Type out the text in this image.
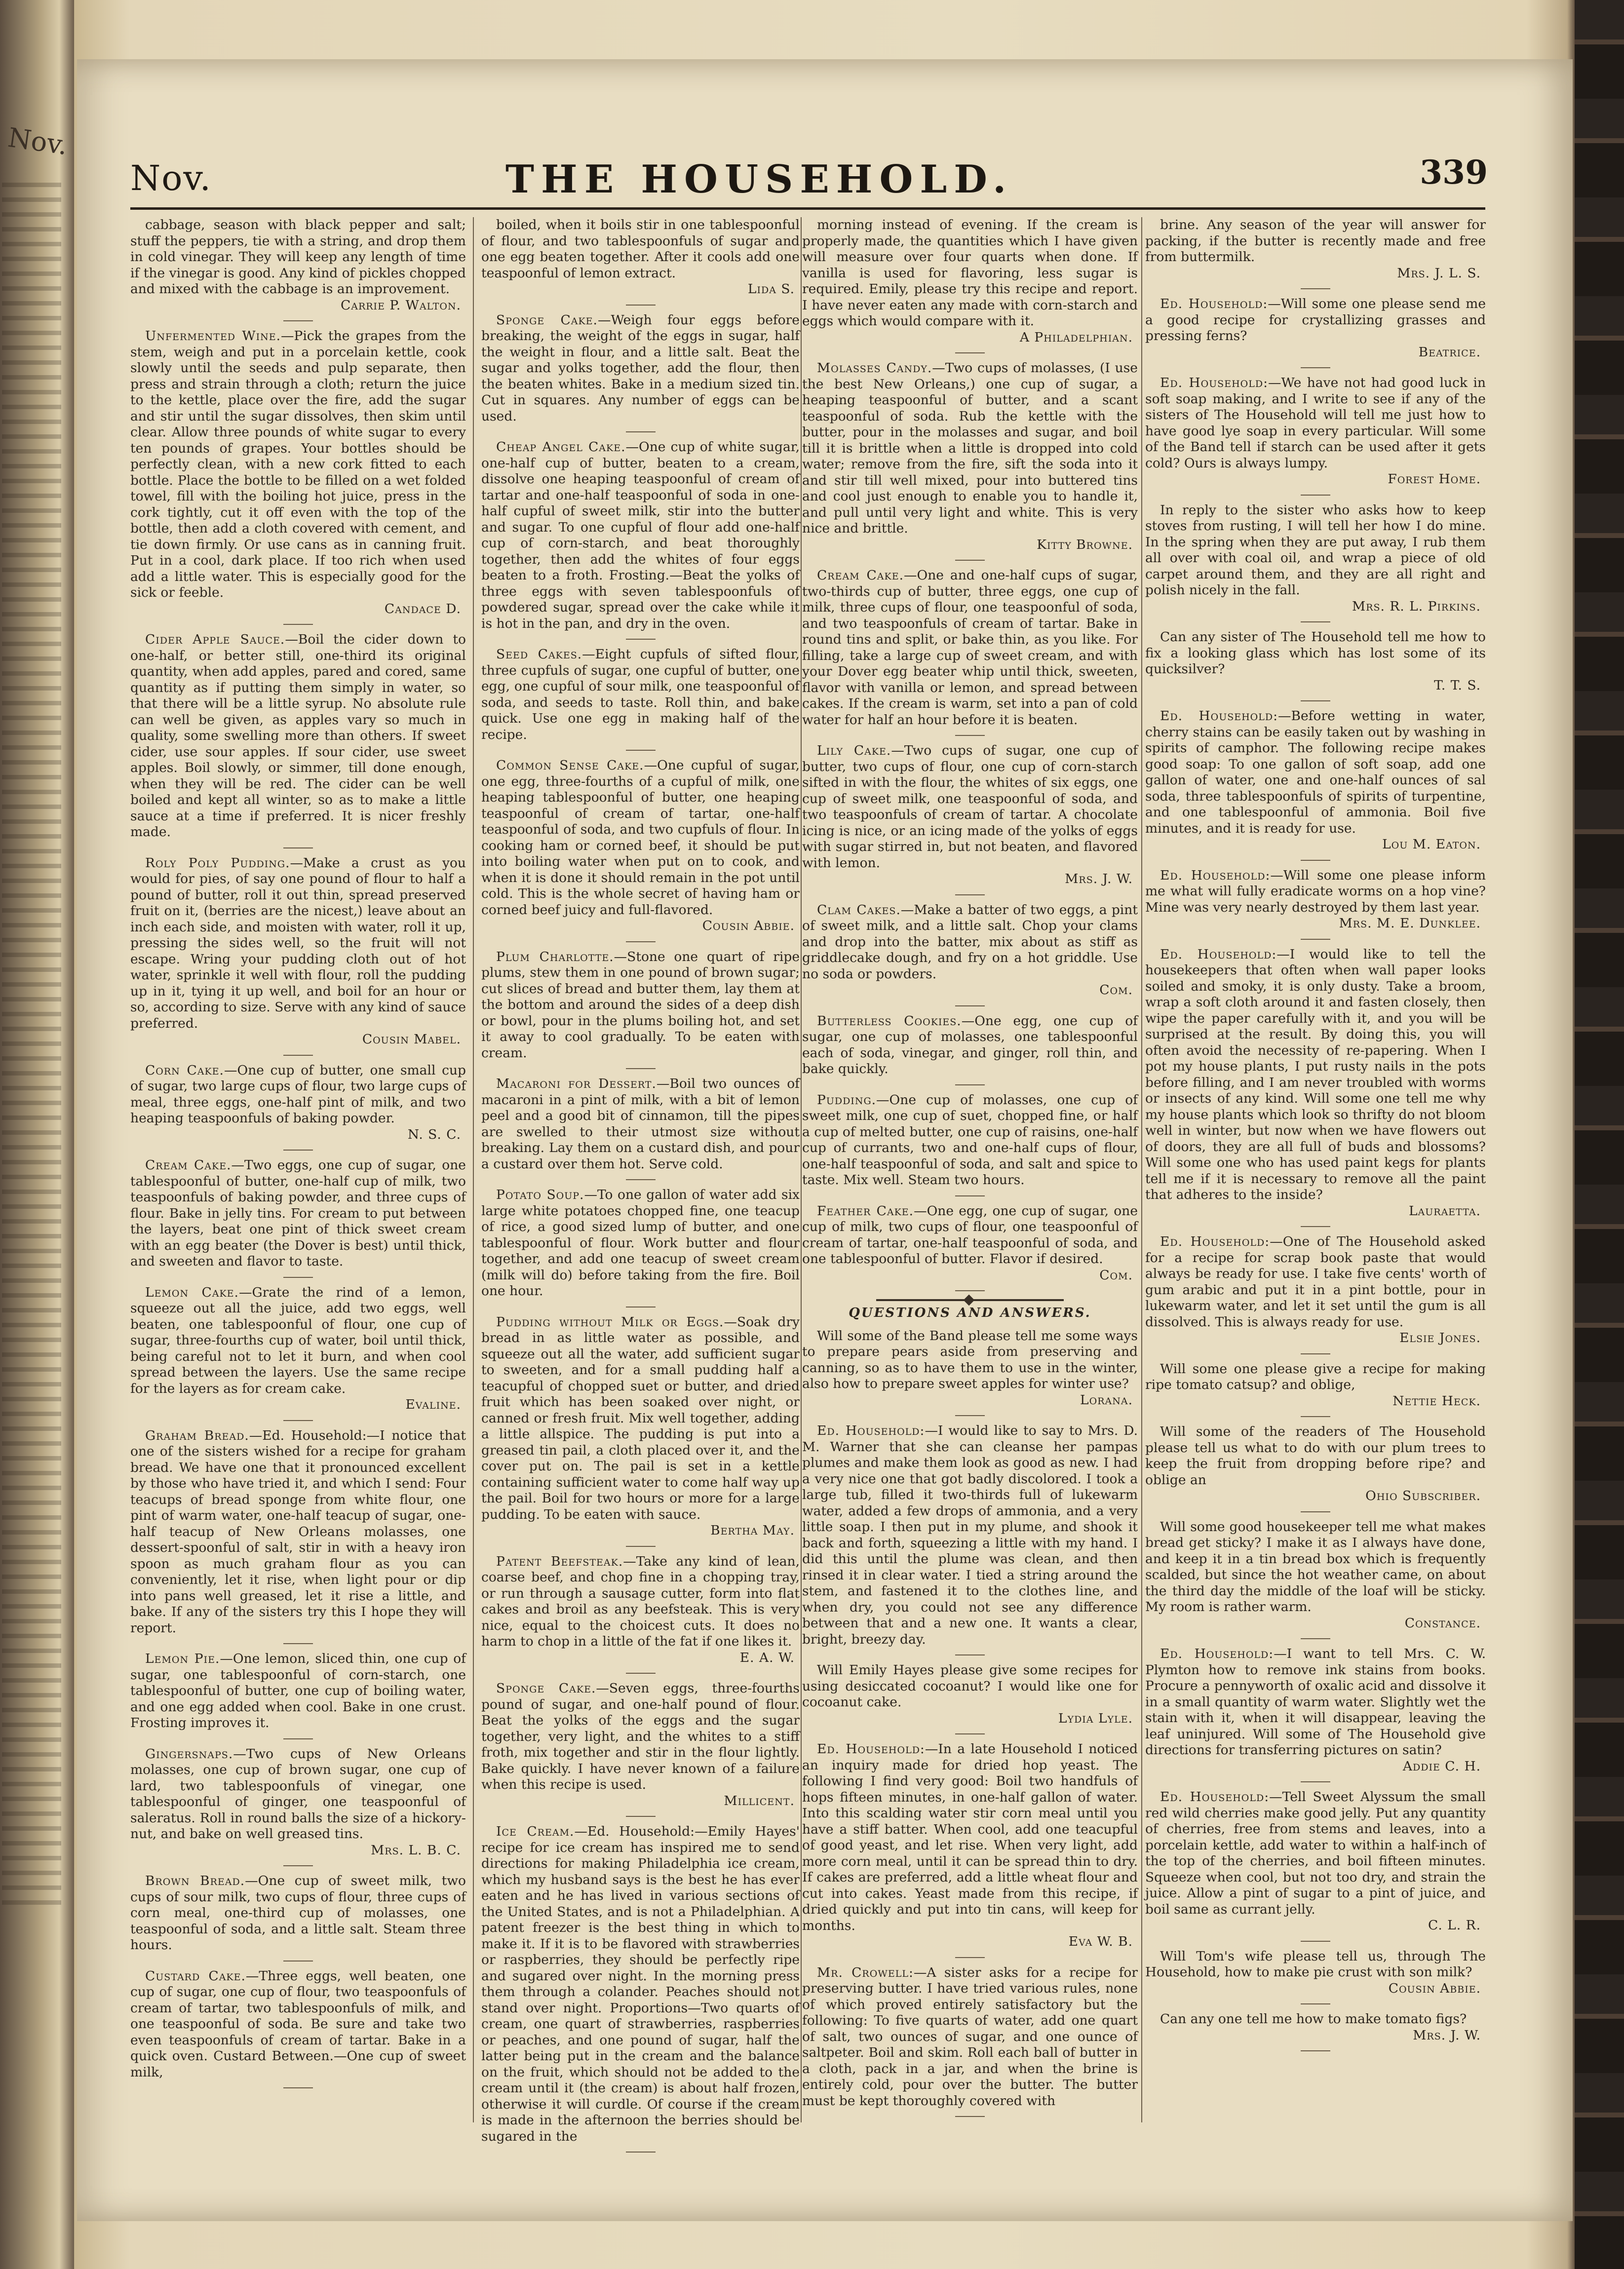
Nov.
Nov.	THE HOUSEHOLD.	339
cabbage, season with black pepper and salt; stuff the peppers, tie with a string, and drop them in cold vinegar. They will keep any length of time if the vinegar is good. Any kind of pickles chopped and mixed with the cabbage is an improvement.
Carrie P. Walton.
Unfermented Wine.—Pick the grapes from the stem, weigh and put in a porcelain kettle, cook slowly until the seeds and pulp separate, then press and strain through a cloth; return the juice to the kettle, place over the fire, add the sugar and stir until the sugar dissolves, then skim until clear. Allow three pounds of white sugar to every ten pounds of grapes. Your bottles should be perfectly clean, with a new cork fitted to each bottle. Place the bottle to be filled on a wet folded towel, fill with the boiling hot juice, press in the cork tightly, cut it off even with the top of the bottle, then add a cloth covered with cement, and tie down firmly. Or use cans as in canning fruit. Put in a cool, dark place. If too rich when used add a little water. This is especially good for the sick or feeble.
Candace D.
Cider Apple Sauce.—Boil the cider down to one-half, or better still, one-third its original quantity, when add apples, pared and cored, same quantity as if putting them simply in water, so that there will be a little syrup. No absolute rule can well be given, as apples vary so much in quality, some swelling more than others. If sweet cider, use sour apples. If sour cider, use sweet apples. Boil slowly, or simmer, till done enough, when they will be red. The cider can be well boiled and kept all winter, so as to make a little sauce at a time if preferred. It is nicer freshly made.
Roly Poly Pudding.—Make a crust as you would for pies, of say one pound of flour to half a pound of butter, roll it out thin, spread preserved fruit on it, (berries are the nicest,) leave about an inch each side, and moisten with water, roll it up, pressing the sides well, so the fruit will not escape. Wring your pudding cloth out of hot water, sprinkle it well with flour, roll the pudding up in it, tying it up well, and boil for an hour or so, according to size. Serve with any kind of sauce preferred.
Cousin Mabel.
Corn Cake.—One cup of butter, one small cup of sugar, two large cups of flour, two large cups of meal, three eggs, one-half pint of milk, and two heaping teaspoonfuls of baking powder.
N. S. C.
Cream Cake.—Two eggs, one cup of sugar, one tablespoonful of butter, one-half cup of milk, two teaspoonfuls of baking powder, and three cups of flour. Bake in jelly tins. For cream to put between the layers, beat one pint of thick sweet cream with an egg beater (the Dover is best) until thick, and sweeten and flavor to taste.
Lemon Cake.—Grate the rind of a lemon, squeeze out all the juice, add two eggs, well beaten, one tablespoonful of flour, one cup of sugar, three-fourths cup of water, boil until thick, being careful not to let it burn, and when cool spread between the layers. Use the same recipe for the layers as for cream cake.
Evaline.
Graham Bread.—Ed. Household:—I notice that one of the sisters wished for a recipe for graham bread. We have one that it pronounced excellent by those who have tried it, and which I send: Four teacups of bread sponge from white flour, one pint of warm water, one-half teacup of sugar, one-half teacup of New Orleans molasses, one dessert-spoonful of salt, stir in with a heavy iron spoon as much graham flour as you can conveniently, let it rise, when light pour or dip into pans well greased, let it rise a little, and bake. If any of the sisters try this I hope they will report.
Lemon Pie.—One lemon, sliced thin, one cup of sugar, one tablespoonful of corn-starch, one tablespoonful of butter, one cup of boiling water, and one egg added when cool. Bake in one crust. Frosting improves it.
Gingersnaps.—Two cups of New Orleans molasses, one cup of brown sugar, one cup of lard, two tablespoonfuls of vinegar, one tablespoonful of ginger, one teaspoonful of saleratus. Roll in round balls the size of a hickory-nut, and bake on well greased tins.
Mrs. L. B. C.
Brown Bread.—One cup of sweet milk, two cups of sour milk, two cups of flour, three cups of corn meal, one-third cup of molasses, one teaspoonful of soda, and a little salt. Steam three hours.
Custard Cake.—Three eggs, well beaten, one cup of sugar, one cup of flour, two teaspoonfuls of cream of tartar, two tablespoonfuls of milk, and one teaspoonful of soda. Be sure and take two even teaspoonfuls of cream of tartar. Bake in a quick oven. Custard Between.—One cup of sweet milk,
boiled, when it boils stir in one tablespoonful of flour, and two tablespoonfuls of sugar and one egg beaten together. After it cools add one teaspoonful of lemon extract.
Lida S.
Sponge Cake.—Weigh four eggs before breaking, the weight of the eggs in sugar, half the weight in flour, and a little salt. Beat the sugar and yolks together, add the flour, then the beaten whites. Bake in a medium sized tin. Cut in squares. Any number of eggs can be used.
Cheap Angel Cake.—One cup of white sugar, one-half cup of butter, beaten to a cream, dissolve one heaping teaspoonful of cream of tartar and one-half teaspoonful of soda in one-half cupful of sweet milk, stir into the butter and sugar. To one cupful of flour add one-half cup of corn-starch, and beat thoroughly together, then add the whites of four eggs beaten to a froth. Frosting.—Beat the yolks of three eggs with seven tablespoonfuls of powdered sugar, spread over the cake while it is hot in the pan, and dry in the oven.
Seed Cakes.—Eight cupfuls of sifted flour, three cupfuls of sugar, one cupful of butter, one egg, one cupful of sour milk, one teaspoonful of soda, and seeds to taste. Roll thin, and bake quick. Use one egg in making half of the recipe.
Common Sense Cake.—One cupful of sugar, one egg, three-fourths of a cupful of milk, one heaping tablespoonful of butter, one heaping teaspoonful of cream of tartar, one-half teaspoonful of soda, and two cupfuls of flour. In cooking ham or corned beef, it should be put into boiling water when put on to cook, and when it is done it should remain in the pot until cold. This is the whole secret of having ham or corned beef juicy and full-flavored.
Cousin Abbie.
Plum Charlotte.—Stone one quart of ripe plums, stew them in one pound of brown sugar; cut slices of bread and butter them, lay them at the bottom and around the sides of a deep dish or bowl, pour in the plums boiling hot, and set it away to cool gradually. To be eaten with cream.
Macaroni for Dessert.—Boil two ounces of macaroni in a pint of milk, with a bit of lemon peel and a good bit of cinnamon, till the pipes are swelled to their utmost size without breaking. Lay them on a custard dish, and pour a custard over them hot. Serve cold.
Potato Soup.—To one gallon of water add six large white potatoes chopped fine, one teacup of rice, a good sized lump of butter, and one tablespoonful of flour. Work butter and flour together, and add one teacup of sweet cream (milk will do) before taking from the fire. Boil one hour.
Pudding without Milk or Eggs.—Soak dry bread in as little water as possible, and squeeze out all the water, add sufficient sugar to sweeten, and for a small pudding half a teacupful of chopped suet or butter, and dried fruit which has been soaked over night, or canned or fresh fruit. Mix well together, adding a little allspice. The pudding is put into a greased tin pail, a cloth placed over it, and the cover put on. The pail is set in a kettle containing sufficient water to come half way up the pail. Boil for two hours or more for a large pudding. To be eaten with sauce.
Bertha May.
Patent Beefsteak.—Take any kind of lean, coarse beef, and chop fine in a chopping tray, or run through a sausage cutter, form into flat cakes and broil as any beefsteak. This is very nice, equal to the choicest cuts. It does no harm to chop in a little of the fat if one likes it.
E. A. W.
Sponge Cake.—Seven eggs, three-fourths pound of sugar, and one-half pound of flour. Beat the yolks of the eggs and the sugar together, very light, and the whites to a stiff froth, mix together and stir in the flour lightly. Bake quickly. I have never known of a failure when this recipe is used.
Millicent.
Ice Cream.—Ed. Household:—Emily Hayes' recipe for ice cream has inspired me to send directions for making Philadelphia ice cream, which my husband says is the best he has ever eaten and he has lived in various sections of the United States, and is not a Philadelphian. A patent freezer is the best thing in which to make it. If it is to be flavored with strawberries or raspberries, they should be perfectly ripe and sugared over night. In the morning press them through a colander. Peaches should not stand over night. Proportions—Two quarts of cream, one quart of strawberries, raspberries or peaches, and one pound of sugar, half the latter being put in the cream and the balance on the fruit, which should not be added to the cream until it (the cream) is about half frozen, otherwise it will curdle. Of course if the cream is made in the afternoon the berries should be sugared in the
morning instead of evening. If the cream is properly made, the quantities which I have given will measure over four quarts when done. If vanilla is used for flavoring, less sugar is required. Emily, please try this recipe and report. I have never eaten any made with corn-starch and eggs which would compare with it.
A Philadelphian.
Molasses Candy.—Two cups of molasses, (I use the best New Orleans,) one cup of sugar, a heaping teaspoonful of butter, and a scant teaspoonful of soda. Rub the kettle with the butter, pour in the molasses and sugar, and boil till it is brittle when a little is dropped into cold water; remove from the fire, sift the soda into it and stir till well mixed, pour into buttered tins and cool just enough to enable you to handle it, and pull until very light and white. This is very nice and brittle.
Kitty Browne.
Cream Cake.—One and one-half cups of sugar, two-thirds cup of butter, three eggs, one cup of milk, three cups of flour, one teaspoonful of soda, and two teaspoonfuls of cream of tartar. Bake in round tins and split, or bake thin, as you like. For filling, take a large cup of sweet cream, and with your Dover egg beater whip until thick, sweeten, flavor with vanilla or lemon, and spread between cakes. If the cream is warm, set into a pan of cold water for half an hour before it is beaten.
Lily Cake.—Two cups of sugar, one cup of butter, two cups of flour, one cup of corn-starch sifted in with the flour, the whites of six eggs, one cup of sweet milk, one teaspoonful of soda, and two teaspoonfuls of cream of tartar. A chocolate icing is nice, or an icing made of the yolks of eggs with sugar stirred in, but not beaten, and flavored with lemon.
Mrs. J. W.
Clam Cakes.—Make a batter of two eggs, a pint of sweet milk, and a little salt. Chop your clams and drop into the batter, mix about as stiff as griddlecake dough, and fry on a hot griddle. Use no soda or powders.
Com.
Butterless Cookies.—One egg, one cup of sugar, one cup of molasses, one tablespoonful each of soda, vinegar, and ginger, roll thin, and bake quickly.
Pudding.—One cup of molasses, one cup of sweet milk, one cup of suet, chopped fine, or half a cup of melted butter, one cup of raisins, one-half cup of currants, two and one-half cups of flour, one-half teaspoonful of soda, and salt and spice to taste. Mix well. Steam two hours.
Feather Cake.—One egg, one cup of sugar, one cup of milk, two cups of flour, one teaspoonful of cream of tartar, one-half teaspoonful of soda, and one tablespoonful of butter. Flavor if desired.
Com.
QUESTIONS AND ANSWERS.
Will some of the Band please tell me some ways to prepare pears aside from preserving and canning, so as to have them to use in the winter, also how to prepare sweet apples for winter use?
Lorana.
Ed. Household:—I would like to say to Mrs. D. M. Warner that she can cleanse her pampas plumes and make them look as good as new. I had a very nice one that got badly discolored. I took a large tub, filled it two-thirds full of lukewarm water, added a few drops of ammonia, and a very little soap. I then put in my plume, and shook it back and forth, squeezing a little with my hand. I did this until the plume was clean, and then rinsed it in clear water. I tied a string around the stem, and fastened it to the clothes line, and when dry, you could not see any difference between that and a new one. It wants a clear, bright, breezy day.
Will Emily Hayes please give some recipes for using desiccated cocoanut? I would like one for cocoanut cake.
Lydia Lyle.
Ed. Household:—In a late Household I noticed an inquiry made for dried hop yeast. The following I find very good: Boil two handfuls of hops fifteen minutes, in one-half gallon of water. Into this scalding water stir corn meal until you have a stiff batter. When cool, add one teacupful of good yeast, and let rise. When very light, add more corn meal, until it can be spread thin to dry. If cakes are preferred, add a little wheat flour and cut into cakes. Yeast made from this recipe, if dried quickly and put into tin cans, will keep for months.
Eva W. B.
Mr. Crowell:—A sister asks for a recipe for preserving butter. I have tried various rules, none of which proved entirely satisfactory but the following: To five quarts of water, add one quart of salt, two ounces of sugar, and one ounce of saltpeter. Boil and skim. Roll each ball of butter in a cloth, pack in a jar, and when the brine is entirely cold, pour over the butter. The butter must be kept thoroughly covered with
brine. Any season of the year will answer for packing, if the butter is recently made and free from buttermilk.
Mrs. J. L. S.
Ed. Household:—Will some one please send me a good recipe for crystallizing grasses and pressing ferns?
Beatrice.
Ed. Household:—We have not had good luck in soft soap making, and I write to see if any of the sisters of The Household will tell me just how to have good lye soap in every particular. Will some of the Band tell if starch can be used after it gets cold? Ours is always lumpy.
Forest Home.
In reply to the sister who asks how to keep stoves from rusting, I will tell her how I do mine. In the spring when they are put away, I rub them all over with coal oil, and wrap a piece of old carpet around them, and they are all right and polish nicely in the fall.
Mrs. R. L. Pirkins.
Can any sister of The Household tell me how to fix a looking glass which has lost some of its quicksilver?
T. T. S.
Ed. Household:—Before wetting in water, cherry stains can be easily taken out by washing in spirits of camphor. The following recipe makes good soap: To one gallon of soft soap, add one gallon of water, one and one-half ounces of sal soda, three tablespoonfuls of spirits of turpentine, and one tablespoonful of ammonia. Boil five minutes, and it is ready for use.
Lou M. Eaton.
Ed. Household:—Will some one please inform me what will fully eradicate worms on a hop vine? Mine was very nearly destroyed by them last year.
Mrs. M. E. Dunklee.
Ed. Household:—I would like to tell the housekeepers that often when wall paper looks soiled and smoky, it is only dusty. Take a broom, wrap a soft cloth around it and fasten closely, then wipe the paper carefully with it, and you will be surprised at the result. By doing this, you will often avoid the necessity of re-papering. When I pot my house plants, I put rusty nails in the pots before filling, and I am never troubled with worms or insects of any kind. Will some one tell me why my house plants which look so thrifty do not bloom well in winter, but now when we have flowers out of doors, they are all full of buds and blossoms? Will some one who has used paint kegs for plants tell me if it is necessary to remove all the paint that adheres to the inside?
Lauraetta.
Ed. Household:—One of The Household asked for a recipe for scrap book paste that would always be ready for use. I take five cents' worth of gum arabic and put it in a pint bottle, pour in lukewarm water, and let it set until the gum is all dissolved. This is always ready for use.
Elsie Jones.
Will some one please give a recipe for making ripe tomato catsup? and oblige,
Nettie Heck.
Will some of the readers of The Household please tell us what to do with our plum trees to keep the fruit from dropping before ripe? and oblige an
Ohio Subscriber.
Will some good housekeeper tell me what makes bread get sticky? I make it as I always have done, and keep it in a tin bread box which is frequently scalded, but since the hot weather came, on about the third day the middle of the loaf will be sticky. My room is rather warm.
Constance.
Ed. Household:—I want to tell Mrs. C. W. Plymton how to remove ink stains from books. Procure a pennyworth of oxalic acid and dissolve it in a small quantity of warm water. Slightly wet the stain with it, when it will disappear, leaving the leaf uninjured. Will some of The Household give directions for transferring pictures on satin?
Addie C. H.
Ed. Household:—Tell Sweet Alyssum the small red wild cherries make good jelly. Put any quantity of cherries, free from stems and leaves, into a porcelain kettle, add water to within a half-inch of the top of the cherries, and boil fifteen minutes. Squeeze when cool, but not too dry, and strain the juice. Allow a pint of sugar to a pint of juice, and boil same as currant jelly.
C. L. R.
Will Tom's wife please tell us, through The Household, how to make pie crust with son milk?
Cousin Abbie.
Can any one tell me how to make tomato figs?
Mrs. J. W.
